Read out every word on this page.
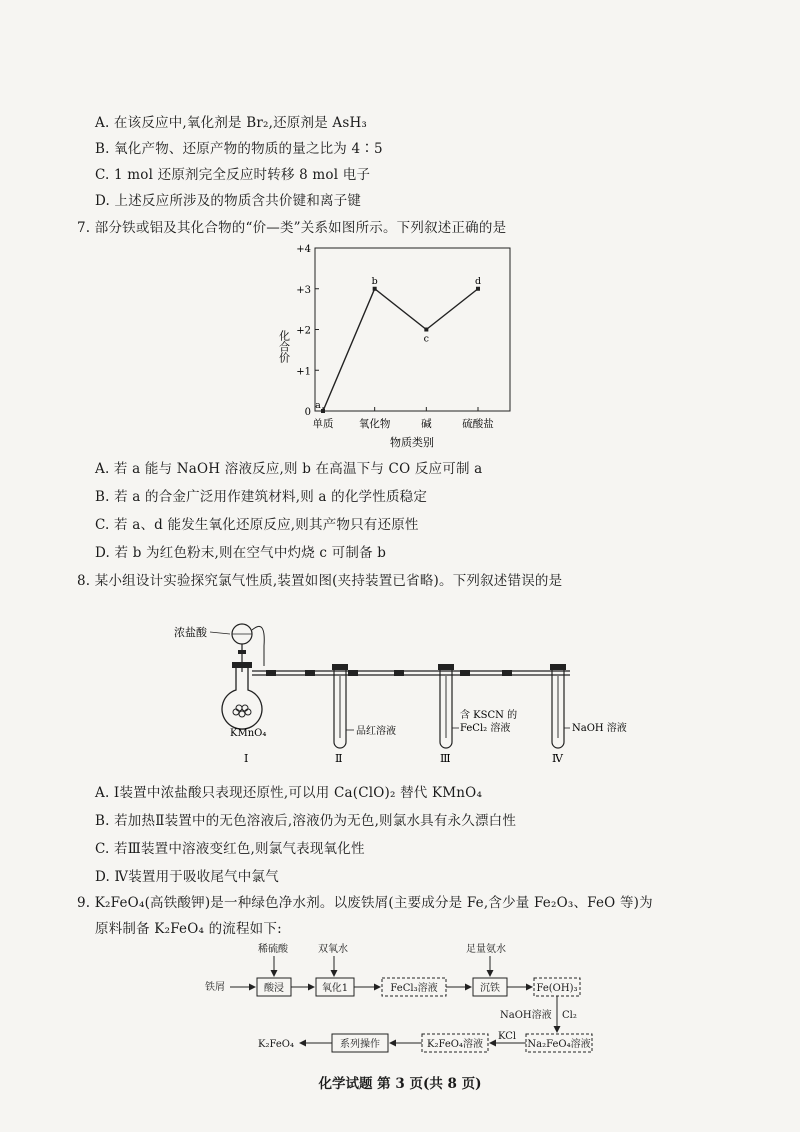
A. 在该反应中,氧化剂是 Br₂,还原剂是 AsH₃
B. 氧化产物、还原产物的物质的量之比为 4∶5
C. 1 mol 还原剂完全反应时转移 8 mol 电子
D. 上述反应所涉及的物质含共价键和离子键
7. 部分铁或铝及其化合物的“价—类”关系如图所示。下列叙述正确的是
0
+1
+2
+3
+4
单质 氧化物	碱	硫酸盐
a
b
c
d
化合价
物质类别
A. 若 a 能与 NaOH 溶液反应,则 b 在高温下与 CO 反应可制 a
B. 若 a 的合金广泛用作建筑材料,则 a 的化学性质稳定
C. 若 a、d 能发生氧化还原反应,则其产物只有还原性
D. 若 b 为红色粉末,则在空气中灼烧 c 可制备 b
8. 某小组设计实验探究氯气性质,装置如图(夹持装置已省略)。下列叙述错误的是
浓盐酸
KMnO₄
I
品红溶液
Ⅱ
含 KSCN 的
FeCl₂ 溶液
Ⅲ
NaOH 溶液
Ⅳ
A. Ⅰ装置中浓盐酸只表现还原性,可以用 Ca(ClO)₂ 替代 KMnO₄
B. 若加热Ⅱ装置中的无色溶液后,溶液仍为无色,则氯水具有永久漂白性
C. 若Ⅲ装置中溶液变红色,则氯气表现氧化性
D. Ⅳ装置用于吸收尾气中氯气
9. K₂FeO₄(高铁酸钾)是一种绿色净水剂。以废铁屑(主要成分是 Fe,含少量 Fe₂O₃、FeO 等)为
原料制备 K₂FeO₄ 的流程如下:
稀硫酸	双氧水	足量氨水
铁屑	酸浸	氧化1	FeCl₃溶液	沉铁	Fe(OH)₃
NaOH溶液 Cl₂
Na₂FeO₄溶液
KCl
K₂FeO₄溶液
系列操作
K₂FeO₄
化学试题 第 3 页(共 8 页)
